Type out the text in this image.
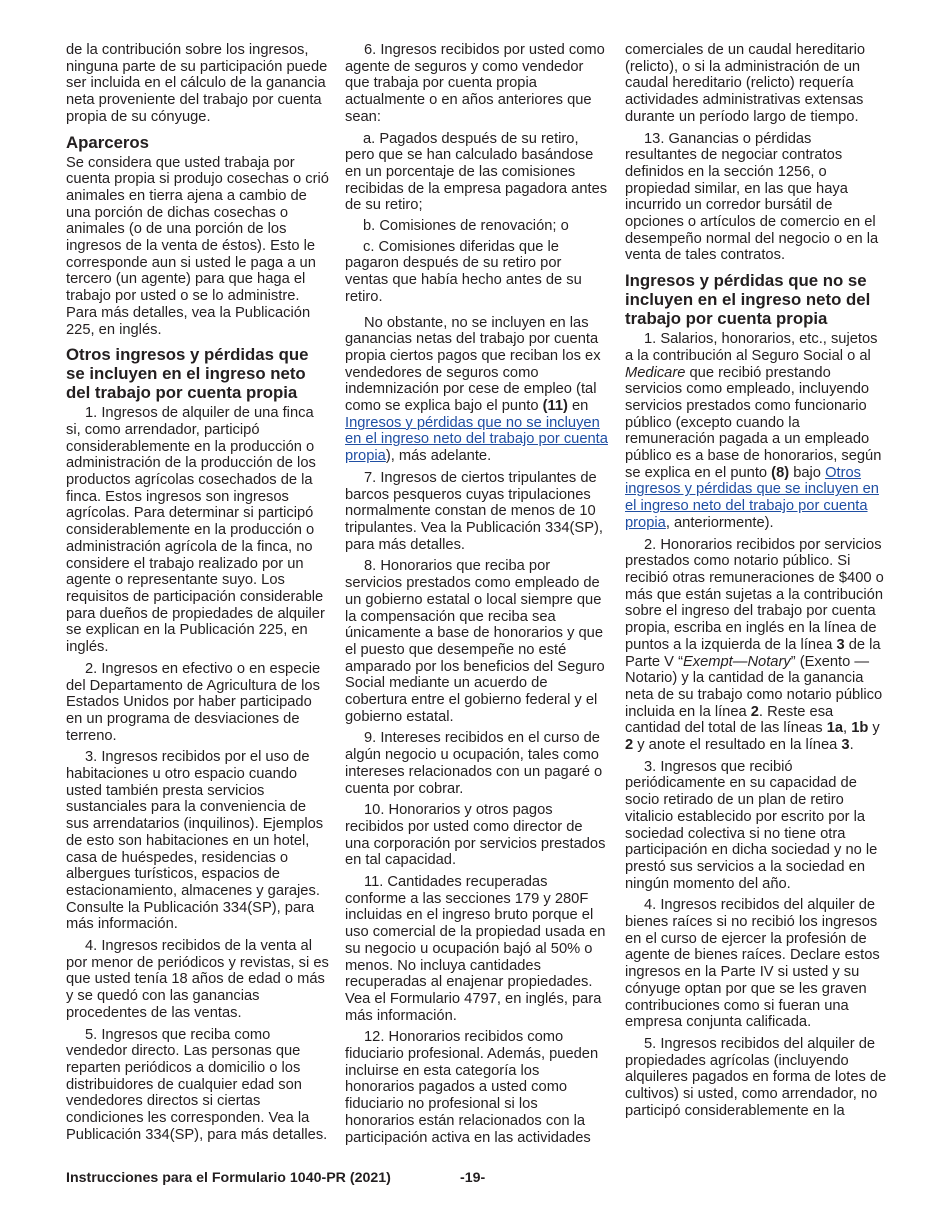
de la contribución sobre los ingresos, ninguna parte de su participación puede ser incluida en el cálculo de la ganancia neta proveniente del trabajo por cuenta propia de su cónyuge.

Aparceros

Se considera que usted trabaja por cuenta propia si produjo cosechas o crió animales en tierra ajena a cambio de una porción de dichas cosechas o animales (o de una porción de los ingresos de la venta de éstos). Esto le corresponde aun si usted le paga a un tercero (un agente) para que haga el trabajo por usted o se lo administre. Para más detalles, vea la Publicación 225, en inglés.

Otros ingresos y pérdidas que se incluyen en el ingreso neto del trabajo por cuenta propia

1. Ingresos de alquiler de una finca si, como arrendador, participó considerablemente en la producción o administración de la producción de los productos agrícolas cosechados de la finca. Estos ingresos son ingresos agrícolas. Para determinar si participó considerablemente en la producción o administración agrícola de la finca, no considere el trabajo realizado por un agente o representante suyo. Los requisitos de participación considerable para dueños de propiedades de alquiler se explican en la Publicación 225, en inglés.

2. Ingresos en efectivo o en especie del Departamento de Agricultura de los Estados Unidos por haber participado en un programa de desviaciones de terreno.

3. Ingresos recibidos por el uso de habitaciones u otro espacio cuando usted también presta servicios sustanciales para la conveniencia de sus arrendatarios (inquilinos). Ejemplos de esto son habitaciones en un hotel, casa de huéspedes, residencias o albergues turísticos, espacios de estacionamiento, almacenes y garajes. Consulte la Publicación 334(SP), para más información.

4. Ingresos recibidos de la venta al por menor de periódicos y revistas, si es que usted tenía 18 años de edad o más y se quedó con las ganancias procedentes de las ventas.

5. Ingresos que reciba como vendedor directo. Las personas que reparten periódicos a domicilio o los distribuidores de cualquier edad son vendedores directos si ciertas condiciones les corresponden. Vea la Publicación 334(SP), para más detalles.

6. Ingresos recibidos por usted como agente de seguros y como vendedor que trabaja por cuenta propia actualmente o en años anteriores que sean:

a. Pagados después de su retiro, pero que se han calculado basándose en un porcentaje de las comisiones recibidas de la empresa pagadora antes de su retiro;

b. Comisiones de renovación; o

c. Comisiones diferidas que le pagaron después de su retiro por ventas que había hecho antes de su retiro.

No obstante, no se incluyen en las ganancias netas del trabajo por cuenta propia ciertos pagos que reciban los ex vendedores de seguros como indemnización por cese de empleo (tal como se explica bajo el punto (11) en Ingresos y pérdidas que no se incluyen en el ingreso neto del trabajo por cuenta propia), más adelante.

7. Ingresos de ciertos tripulantes de barcos pesqueros cuyas tripulaciones normalmente constan de menos de 10 tripulantes. Vea la Publicación 334(SP), para más detalles.

8. Honorarios que reciba por servicios prestados como empleado de un gobierno estatal o local siempre que la compensación que reciba sea únicamente a base de honorarios y que el puesto que desempeñe no esté amparado por los beneficios del Seguro Social mediante un acuerdo de cobertura entre el gobierno federal y el gobierno estatal.

9. Intereses recibidos en el curso de algún negocio u ocupación, tales como intereses relacionados con un pagaré o cuenta por cobrar.

10. Honorarios y otros pagos recibidos por usted como director de una corporación por servicios prestados en tal capacidad.

11. Cantidades recuperadas conforme a las secciones 179 y 280F incluidas en el ingreso bruto porque el uso comercial de la propiedad usada en su negocio u ocupación bajó al 50% o menos. No incluya cantidades recuperadas al enajenar propiedades. Vea el Formulario 4797, en inglés, para más información.

12. Honorarios recibidos como fiduciario profesional. Además, pueden incluirse en esta categoría los honorarios pagados a usted como fiduciario no profesional si los honorarios están relacionados con la participación activa en las actividades

comerciales de un caudal hereditario (relicto), o si la administración de un caudal hereditario (relicto) requería actividades administrativas extensas durante un período largo de tiempo.

13. Ganancias o pérdidas resultantes de negociar contratos definidos en la sección 1256, o propiedad similar, en las que haya incurrido un corredor bursátil de opciones o artículos de comercio en el desempeño normal del negocio o en la venta de tales contratos.

Ingresos y pérdidas que no se incluyen en el ingreso neto del trabajo por cuenta propia

1. Salarios, honorarios, etc., sujetos a la contribución al Seguro Social o al Medicare que recibió prestando servicios como empleado, incluyendo servicios prestados como funcionario público (excepto cuando la remuneración pagada a un empleado público es a base de honorarios, según se explica en el punto (8) bajo Otros ingresos y pérdidas que se incluyen en el ingreso neto del trabajo por cuenta propia, anteriormente).

2. Honorarios recibidos por servicios prestados como notario público. Si recibió otras remuneraciones de $400 o más que están sujetas a la contribución sobre el ingreso del trabajo por cuenta propia, escriba en inglés en la línea de puntos a la izquierda de la línea 3 de la Parte V “Exempt—Notary” (Exento —Notario) y la cantidad de la ganancia neta de su trabajo como notario público incluida en la línea 2. Reste esa cantidad del total de las líneas 1a, 1b y 2 y anote el resultado en la línea 3.

3. Ingresos que recibió periódicamente en su capacidad de socio retirado de un plan de retiro vitalicio establecido por escrito por la sociedad colectiva si no tiene otra participación en dicha sociedad y no le prestó sus servicios a la sociedad en ningún momento del año.

4. Ingresos recibidos del alquiler de bienes raíces si no recibió los ingresos en el curso de ejercer la profesión de agente de bienes raíces. Declare estos ingresos en la Parte IV si usted y su cónyuge optan por que se les graven contribuciones como si fueran una empresa conjunta calificada.

5. Ingresos recibidos del alquiler de propiedades agrícolas (incluyendo alquileres pagados en forma de lotes de cultivos) si usted, como arrendador, no participó considerablemente en la

Instrucciones para el Formulario 1040-PR (2021)	-19-
